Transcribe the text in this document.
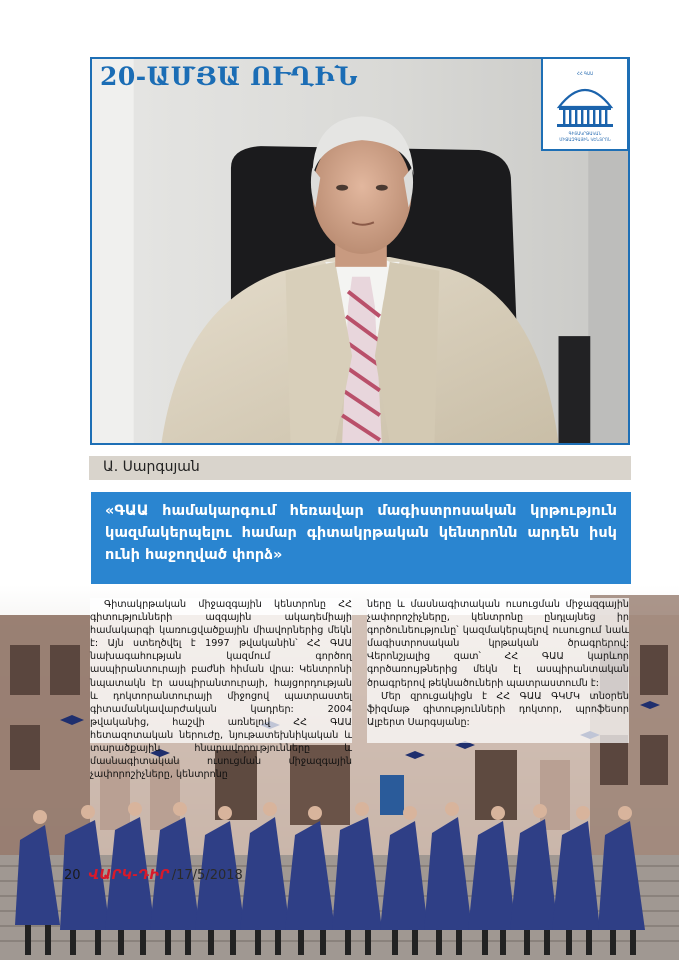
20-ԱՄՅԱ ՈՒՂԻՆ	ՀՀ ԳԱԱ
ԳԻՏԱԿՐԹԱԿԱՆ
ՄԻՋԱԶԳԱՅԻՆ ԿԵՆՏՐՈՆ
Ա. Սարգսյան
«ԳԱԱ համակարգում հեռավար մագիստրոսական կրթություն կազմակերպելու համար գիտակրթական կենտրոնն արդեն իսկ ունի հաջողված փորձ»

Գիտակրթական միջազգային կենտրոնը ՀՀ գիտությունների ազգային ակադեմիայի համակարգի կառուցվածքային միավորներից մեկն է: Այն ստեղծվել է 1997 թվականին՝ ՀՀ ԳԱԱ նախագահության կազմում գործող ասպիրանտուրայի բաժնի հիման վրա: Կենտրոնի նպատակն էր ասպիրանտուրայի, հայցորդության և դոկտորանտուրայի միջոցով պատրաստել գիտամանկավարժական կադրեր: 2004 թվականից, հաշվի առնելով ՀՀ ԳԱԱ հետազոտական ներուժը, նյութատեխնիկական և տարածքային հնարավորությունները և մասնագիտական ուսուցման միջազգային չափորոշիչները, կենտրոնը

ները և մասնագիտական ուսուցման միջազգային չափորոշիչները, կենտրոնը ընդլայնեց իր գործունեությունը՝ կազմակերպելով ուսուցում նաև մագիստրոսական կրթական ծրագրերով: Վերոնշյալից զատ՝ ՀՀ ԳԱԱ կարևոր գործառույթներից մեկն էլ ասպիրանտական ծրագրերով թեկնածուների պատրաստումն է:

Մեր զրուցակիցն է ՀՀ ԳԱԱ ԳԿՄԿ տնօրեն ֆիզմաթ գիտությունների դոկտոր, պրոֆեսոր Ալբերտ Սարգսյանը:

20 ՎԱՐԿ-ԴԻՐ /17/5/2018
